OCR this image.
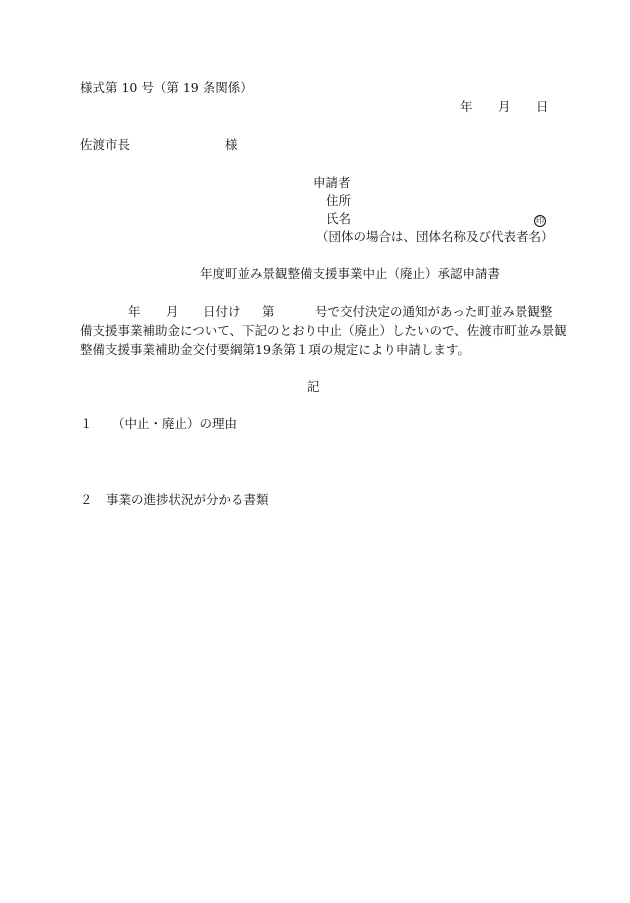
様式第 10 号（第 19 条関係）
年 月 日
佐渡市長	様
申請者
住所
氏名	印
（団体の場合は、団体名称及び代表者名）
年度町並み景観整備支援事業中止（廃止）承認申請書
年 月 日付け 第	号で交付決定の通知があった町並み景観整
備支援事業補助金について、下記のとおり中止（廃止）したいので、佐渡市町並み景観
整備支援事業補助金交付要綱第19条第１項の規定により申請します。
記
１ （中止・廃止）の理由
２ 事業の進捗状況が分かる書類
